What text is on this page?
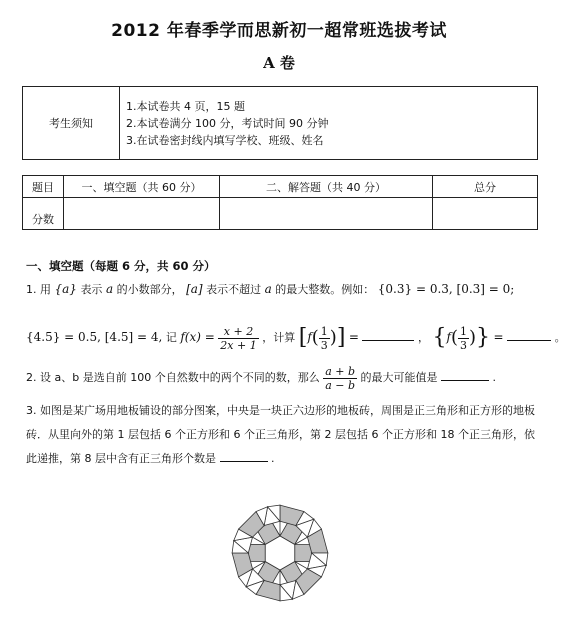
2012 年春季学而思新初一超常班选拔考试
A 卷
考生须知	
1.本试卷共 4 页，15 题
2.本试卷满分 100 分，考试时间 90 分钟
3.在试卷密封线内填写学校、班级、姓名
题目	一、填空题（共 60 分）	二、解答题（共 40 分）	总分
分数			
一、填空题（每题 6 分，共 60 分）
1. 用 {a} 表示 a 的小数部分， [a] 表示不超过 a 的最大整数。例如： {0.3} = 0.3, [0.3] = 0;
{4.5} = 0.5, [4.5] = 4, 记 $f(x) = \frac{x + 2}{2x + 1}$ ，计算 [$f( \frac{1}{3}$ )] =	， {$f( \frac{1}{3}$ )} =	。
2. 设 a、b 是选自前 100 个自然数中的两个不同的数，那么 $\frac{a + b}{a - b}$ 的最大可能值是	.
3. 如图是某广场用地板铺设的部分图案，中央是一块正六边形的地板砖，周围是正三角形和正方形的地板砖．从里向外的第 1 层包括 6 个正方形和 6 个正三角形，第 2 层包括 6 个正方形和 18 个正三角形，依此递推，第 8 层中含有正三角形个数是	.
